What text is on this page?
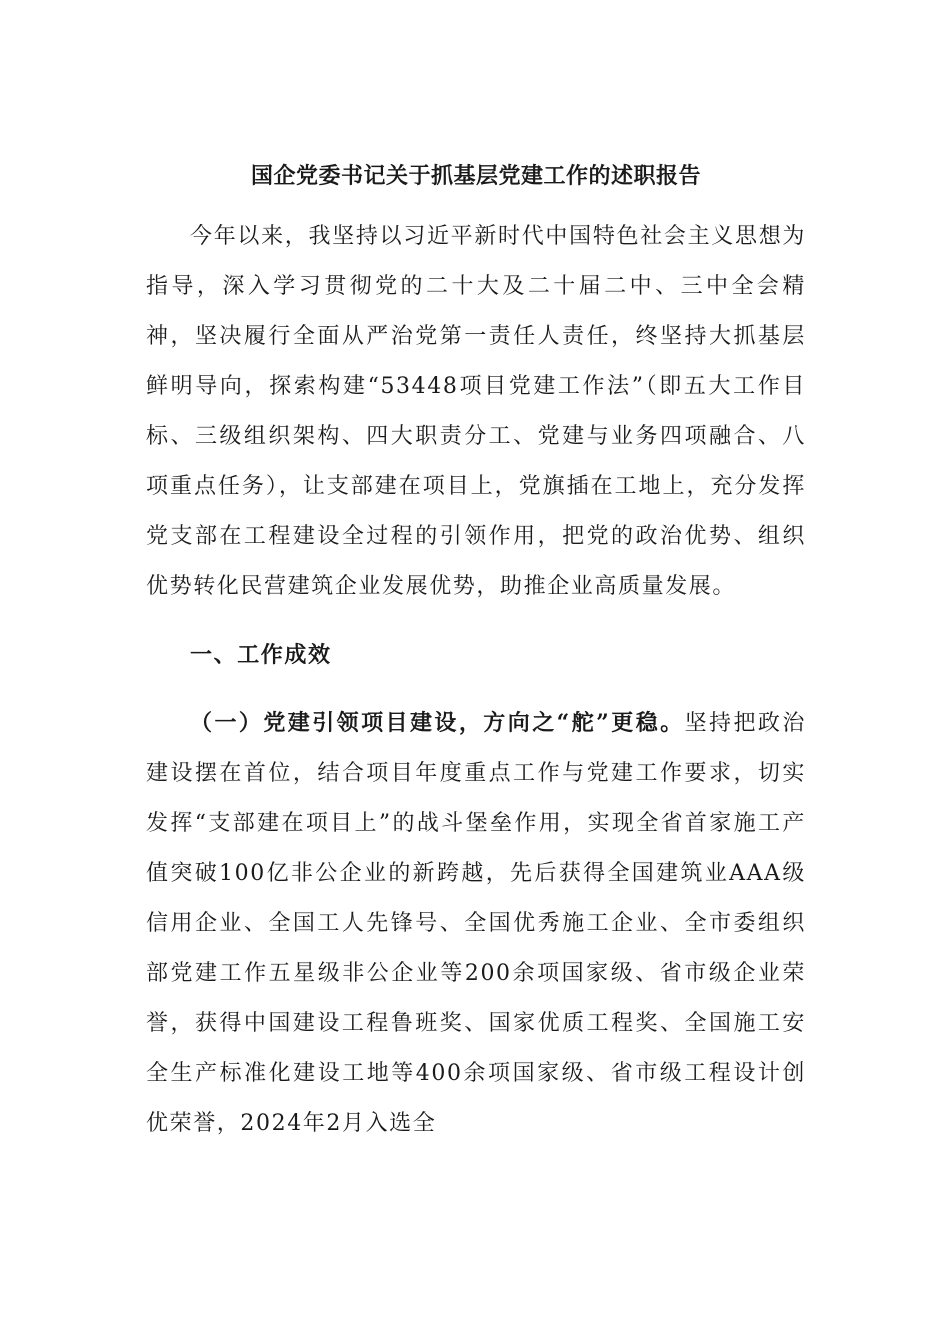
国企党委书记关于抓基层党建工作的述职报告

今年以来，我坚持以习近平新时代中国特色社会主义思想为指导，深入学习贯彻党的二十大及二十届二中、三中全会精神，坚决履行全面从严治党第一责任人责任，终坚持大抓基层鲜明导向，探索构建“53448项目党建工作法”（即五大工作目标、三级组织架构、四大职责分工、党建与业务四项融合、八项重点任务），让支部建在项目上，党旗插在工地上，充分发挥党支部在工程建设全过程的引领作用，把党的政治优势、组织优势转化民营建筑企业发展优势，助推企业高质量发展。

一、工作成效

（一）党建引领项目建设，方向之“舵”更稳。坚持把政治建设摆在首位，结合项目年度重点工作与党建工作要求，切实发挥“支部建在项目上”的战斗堡垒作用，实现全省首家施工产值突破100亿非公企业的新跨越，先后获得全国建筑业AAA级信用企业、全国工人先锋号、全国优秀施工企业、全市委组织部党建工作五星级非公企业等200余项国家级、省市级企业荣誉，获得中国建设工程鲁班奖、国家优质工程奖、全国施工安全生产标准化建设工地等400余项国家级、省市级工程设计创优荣誉，2024年2月入选全
